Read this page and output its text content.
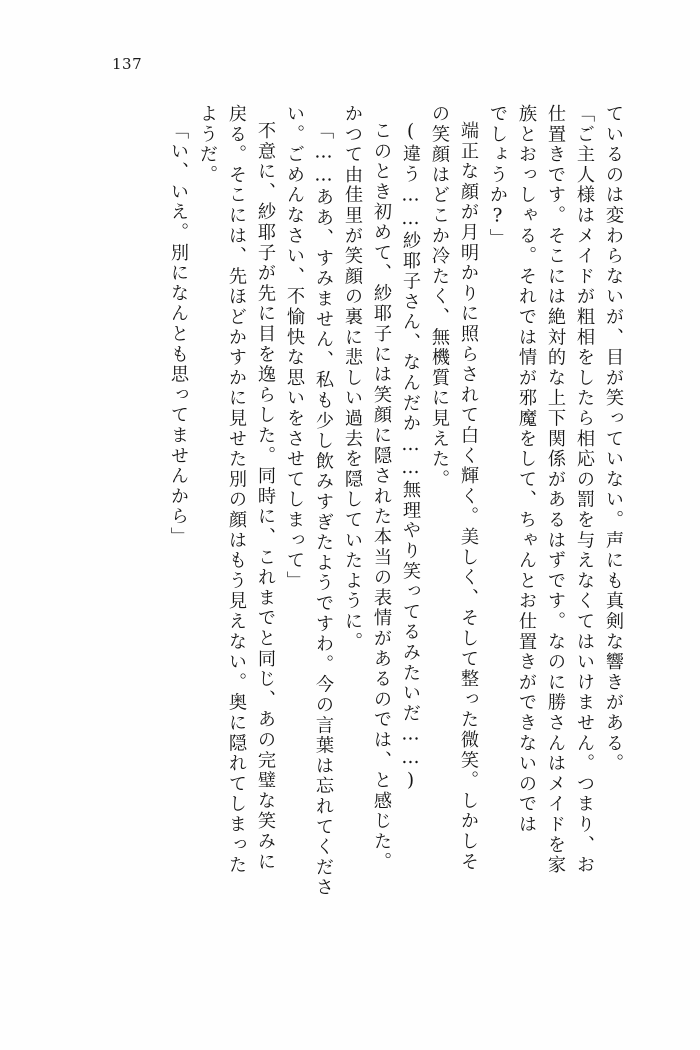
137
ているのは変わらないが、目が笑っていない。声にも真剣な響きがある。
「ご主人様はメイドが粗相をしたら相応の罰を与えなくてはいけません。つまり、お
仕置きです。そこには絶対的な上下関係があるはずです。なのに勝さんはメイドを家
族とおっしゃる。それでは情が邪魔をして、ちゃんとお仕置きができないのでは
でしょうか?」
端正な顔が月明かりに照らされて白く輝く。美しく、そして整った微笑。しかしそ
の笑顔はどこか冷たく、無機質に見えた。
(違う……紗耶子さん、なんだか……無理やり笑ってるみたいだ……)
このとき初めて、紗耶子には笑顔に隠された本当の表情があるのでは、と感じた。
かつて由佳里が笑顔の裏に悲しい過去を隠していたように。
「……ああ、すみません、私も少し飲みすぎたようですわ。今の言葉は忘れてくださ
い。ごめんなさい、不愉快な思いをさせてしまって」
不意に、紗耶子が先に目を逸らした。同時に、これまでと同じ、あの完璧な笑みに
戻る。そこには、先ほどかすかに見せた別の顔はもう見えない。奥に隠れてしまった
ようだ。
「い、いえ。別になんとも思ってませんから」
